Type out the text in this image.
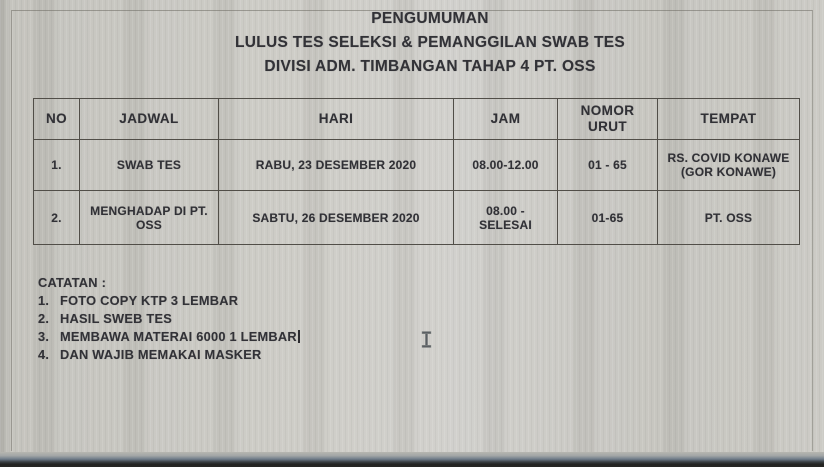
PENGUMUMAN
LULUS TES SELEKSI & PEMANGGILAN SWAB TES
DIVISI ADM. TIMBANGAN TAHAP 4 PT. OSS
NO	JADWAL	HARI	JAM	NOMOR URUT	TEMPAT
1.	SWAB TES	RABU, 23 DESEMBER 2020	08.00-12.00	01 - 65	RS. COVID KONAWE (GOR KONAWE)
2.	MENGHADAP DI PT. OSS	SABTU, 26 DESEMBER 2020	08.00 - SELESAI	01-65	PT. OSS
CATATAN :
1. FOTO COPY KTP 3 LEMBAR
2. HASIL SWEB TES
3. MEMBAWA MATERAI 6000 1 LEMBAR
4. DAN WAJIB MEMAKAI MASKER
